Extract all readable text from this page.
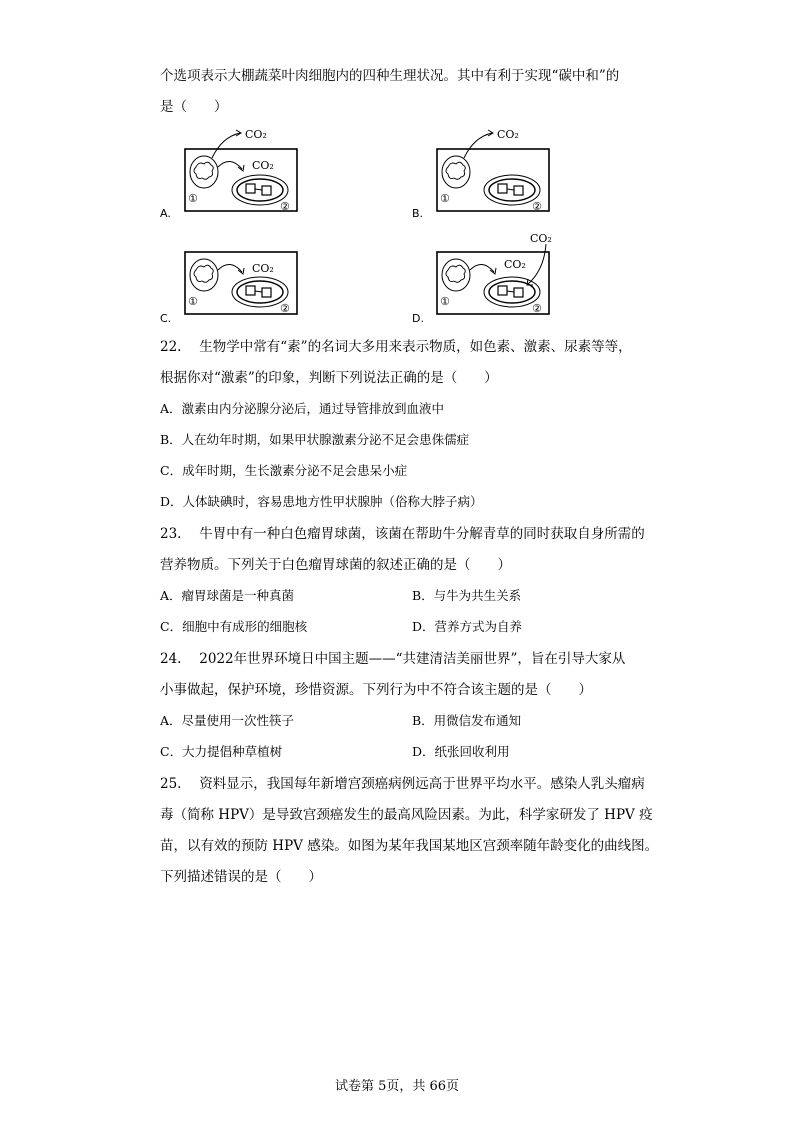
个选项表示大棚蔬菜叶肉细胞内的四种生理状况。其中有利于实现“碳中和”的
是（　　）
CO₂
CO₂
①
②
A.
CO₂
①
②
B.
CO₂
①
②
C.
CO₂
CO₂
①
②
D.
22.　 生物学中常有“素”的名词大多用来表示物质，如色素、激素、尿素等等，
根据你对“激素”的印象，判断下列说法正确的是（　　）
A．激素由内分泌腺分泌后，通过导管排放到血液中
B．人在幼年时期，如果甲状腺激素分泌不足会患侏儒症
C．成年时期，生长激素分泌不足会患呆小症
D．人体缺碘时，容易患地方性甲状腺肿（俗称大脖子病）
23.　 牛胃中有一种白色瘤胃球菌，该菌在帮助牛分解青草的同时获取自身所需的
营养物质。下列关于白色瘤胃球菌的叙述正确的是（　　）
A．瘤胃球菌是一种真菌	B．与牛为共生关系
C．细胞中有成形的细胞核	D．营养方式为自养
24.　 2022年世界环境日中国主题——“共建清洁美丽世界”，旨在引导大家从
小事做起，保护环境，珍惜资源。下列行为中不符合该主题的是（　　）
A．尽量使用一次性筷子	B．用微信发布通知
C．大力提倡种草植树	D．纸张回收利用
25.　 资料显示，我国每年新增宫颈癌病例远高于世界平均水平。感染人乳头瘤病
毒（简称 HPV）是导致宫颈癌发生的最高风险因素。为此，科学家研发了 HPV 疫
苗，以有效的预防 HPV 感染。如图为某年我国某地区宫颈率随年龄变化的曲线图。
下列描述错误的是（　　）
试卷第 5页，共 66页
